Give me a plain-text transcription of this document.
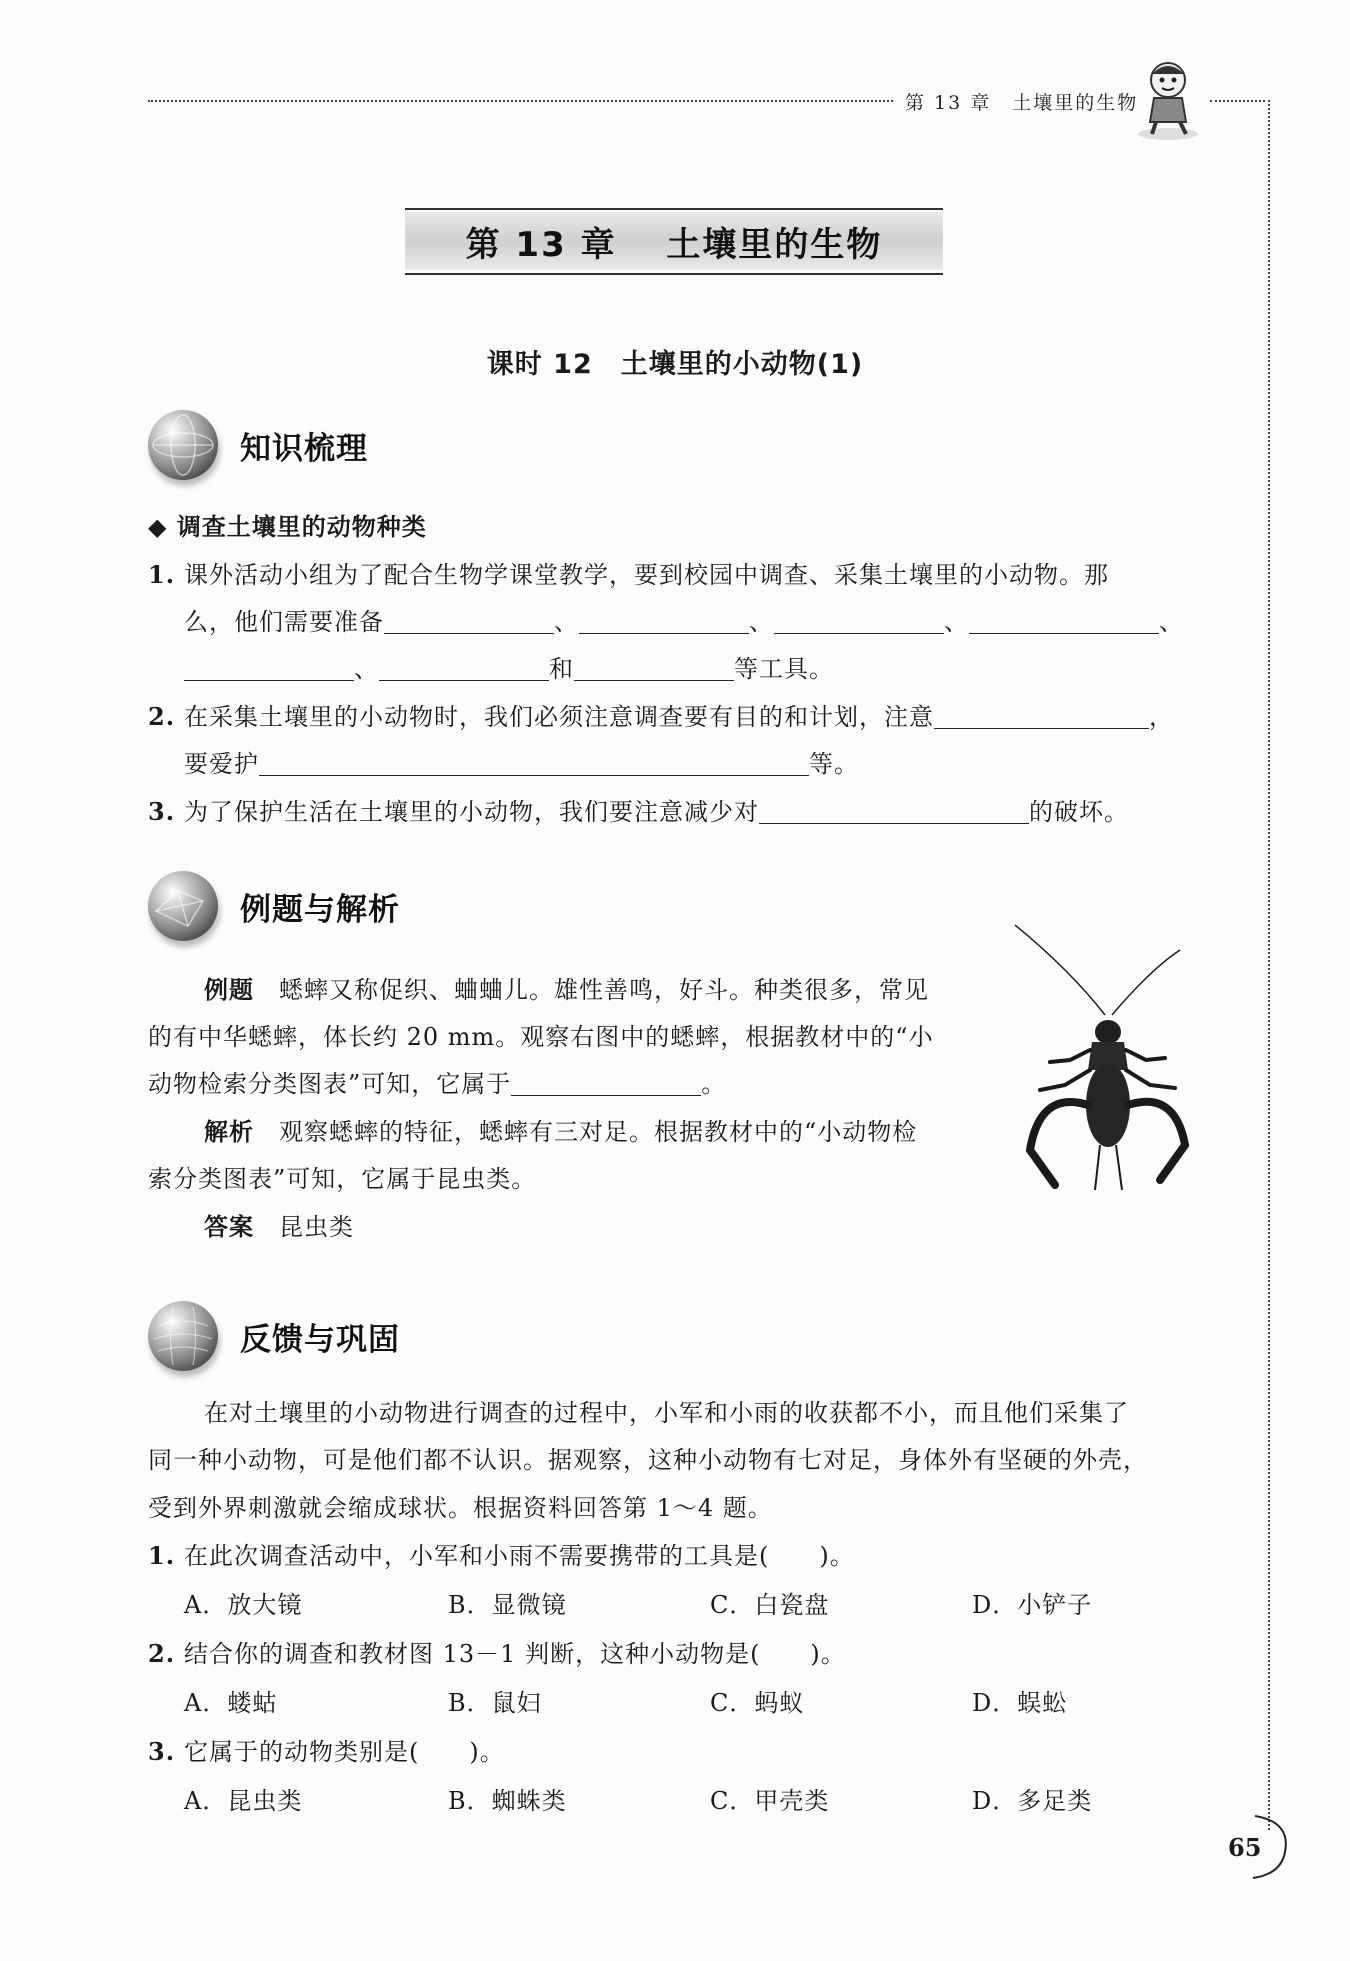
第 13 章　土壤里的生物
第 13 章　 土壤里的生物
课时 12　土壤里的小动物(1)
知识梳理
◆ 调查土壤里的动物种类
1. 课外活动小组为了配合生物学课堂教学，要到校园中调查、采集土壤里的小动物。那
么，他们需要准备	、	、	、	、
、	和	等工具。
2. 在采集土壤里的小动物时，我们必须注意调查要有目的和计划，注意	，
要爱护	等。
3. 为了保护生活在土壤里的小动物，我们要注意减少对	的破坏。
例题与解析
例题　 蟋蟀又称促织、蛐蛐儿。雄性善鸣，好斗。种类很多，常见
的有中华蟋蟀，体长约 20 mm。观察右图中的蟋蟀，根据教材中的“小
动物检索分类图表”可知，它属于	。
解析　 观察蟋蟀的特征，蟋蟀有三对足。根据教材中的“小动物检
索分类图表”可知，它属于昆虫类。
答案　 昆虫类
反馈与巩固
在对土壤里的小动物进行调查的过程中，小军和小雨的收获都不小，而且他们采集了
同一种小动物，可是他们都不认识。据观察，这种小动物有七对足，身体外有坚硬的外壳，
受到外界刺激就会缩成球状。根据资料回答第 1～4 题。
1. 在此次调查活动中，小军和小雨不需要携带的工具是(　　)。
A．放大镜	B．显微镜	C．白瓷盘	D．小铲子
2. 结合你的调查和教材图 13－1 判断，这种小动物是(　　)。
A．蝼蛄	B．鼠妇	C．蚂蚁	D．蜈蚣
3. 它属于的动物类别是(　　)。
A．昆虫类	B．蜘蛛类	C．甲壳类	D．多足类
65
